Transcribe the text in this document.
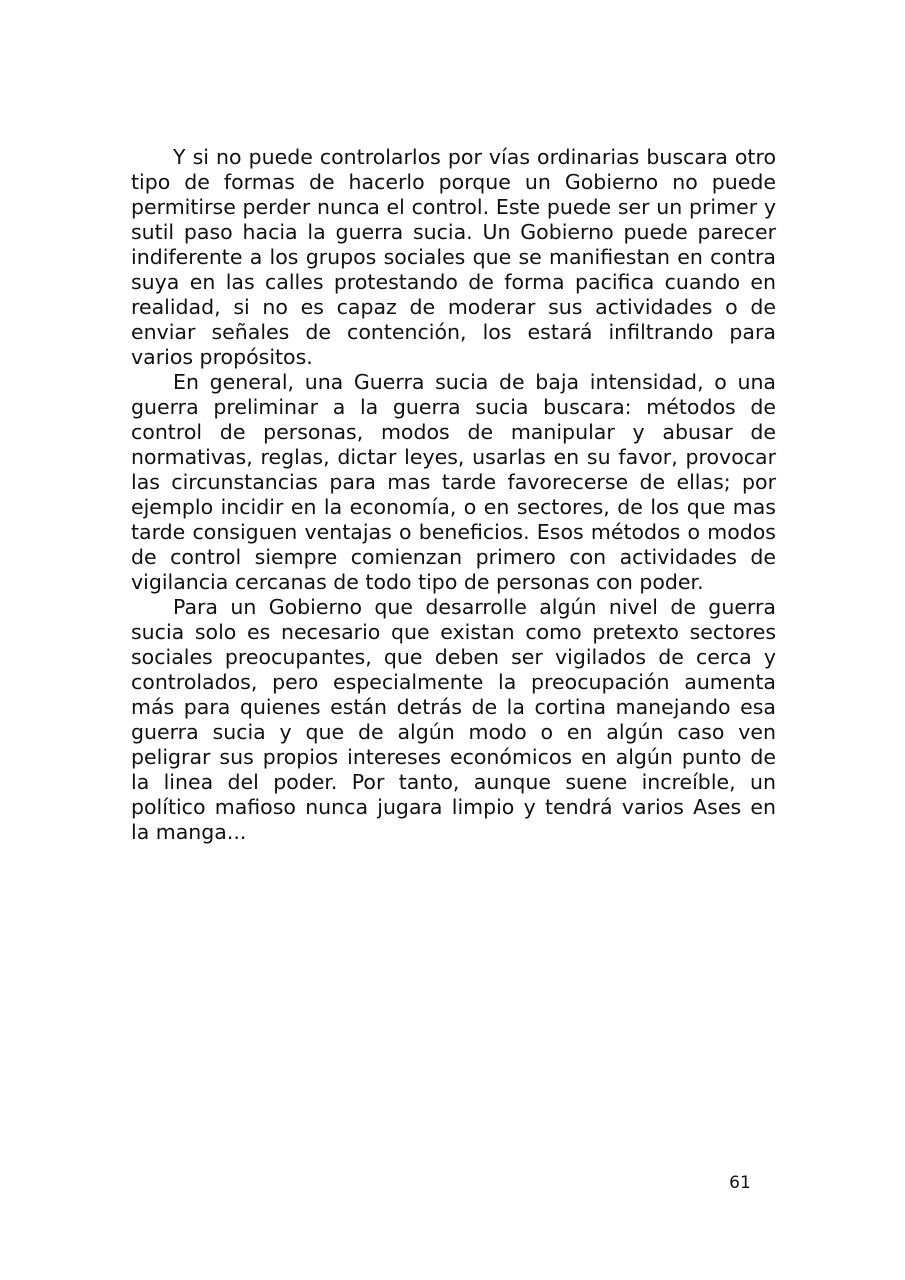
Y si no puede controlarlos por vías ordinarias buscara otro tipo de formas de hacerlo porque un Gobierno no puede permitirse perder nunca el control. Este puede ser un primer y sutil paso hacia la guerra sucia. Un Gobierno puede parecer indiferente a los grupos sociales que se manifiestan en contra suya en las calles protestando de forma pacifica cuando en realidad, si no es capaz de moderar sus actividades o de enviar señales de contención, los estará infiltrando para varios propósitos.

En general, una Guerra sucia de baja intensidad, o una guerra preliminar a la guerra sucia buscara: métodos de control de personas, modos de manipular y abusar de normativas, reglas, dictar leyes, usarlas en su favor, provocar las circunstancias para mas tarde favorecerse de ellas; por ejemplo incidir en la economía, o en sectores, de los que mas tarde consiguen ventajas o beneficios. Esos métodos o modos de control siempre comienzan primero con actividades de vigilancia cercanas de todo tipo de personas con poder.

Para un Gobierno que desarrolle algún nivel de guerra sucia solo es necesario que existan como pretexto sectores sociales preocupantes, que deben ser vigilados de cerca y controlados, pero especialmente la preocupación aumenta más para quienes están detrás de la cortina manejando esa guerra sucia y que de algún modo o en algún caso ven peligrar sus propios intereses económicos en algún punto de la linea del poder. Por tanto, aunque suene increíble, un político mafioso nunca jugara limpio y tendrá varios Ases en la manga...

61
